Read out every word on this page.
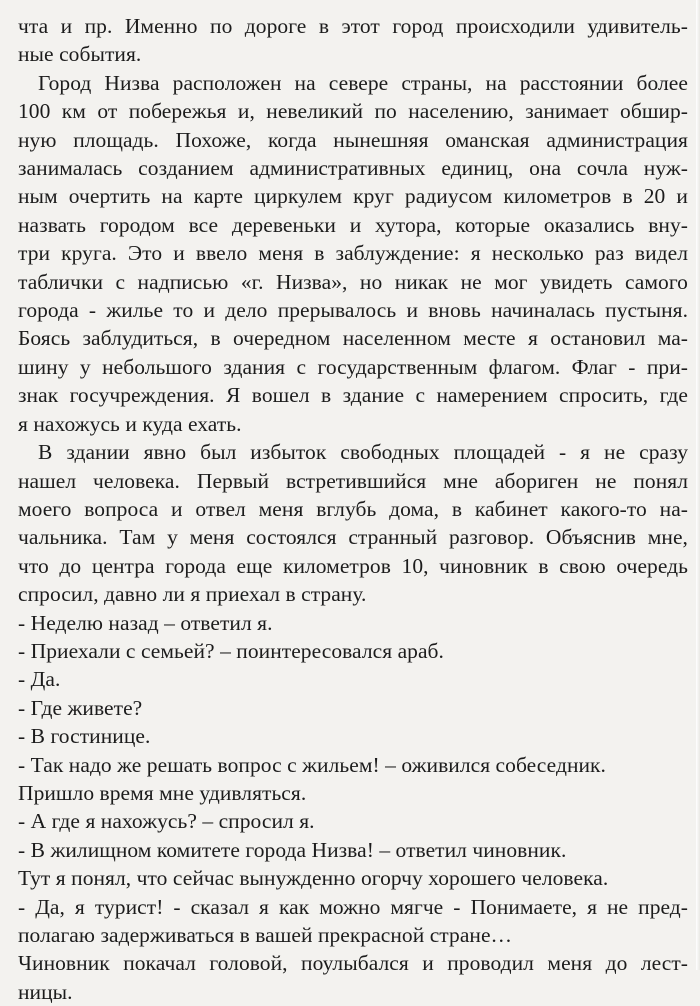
чта и пр. Именно по дороге в этот город происходили удивитель-
ные события.
Город Низва расположен на севере страны, на расстоянии более
100 км от побережья и, невеликий по населению, занимает обшир-
ную площадь. Похоже, когда нынешняя оманская администрация
занималась созданием административных единиц, она сочла нуж-
ным очертить на карте циркулем круг радиусом километров в 20 и
назвать городом все деревеньки и хутора, которые оказались вну-
три круга. Это и ввело меня в заблуждение: я несколько раз видел
таблички с надписью «г. Низва», но никак не мог увидеть самого
города - жилье то и дело прерывалось и вновь начиналась пустыня.
Боясь заблудиться, в очередном населенном месте я остановил ма-
шину у небольшого здания с государственным флагом. Флаг - при-
знак госучреждения. Я вошел в здание с намерением спросить, где
я нахожусь и куда ехать.
В здании явно был избыток свободных площадей - я не сразу
нашел человека. Первый встретившийся мне абориген не понял
моего вопроса и отвел меня вглубь дома, в кабинет какого-то на-
чальника. Там у меня состоялся странный разговор. Объяснив мне,
что до центра города еще километров 10, чиновник в свою очередь
спросил, давно ли я приехал в страну.
- Неделю назад – ответил я.
- Приехали с семьей? – поинтересовался араб.
- Да.
- Где живете?
- В гостинице.
- Так надо же решать вопрос с жильем! – оживился собеседник.
Пришло время мне удивляться.
- А где я нахожусь? – спросил я.
- В жилищном комитете города Низва! – ответил чиновник.
Тут я понял, что сейчас вынужденно огорчу хорошего человека.
- Да, я турист! - сказал я как можно мягче - Понимаете, я не пред-
полагаю задерживаться в вашей прекрасной стране…
Чиновник покачал головой, поулыбался и проводил меня до лест-
ницы.
